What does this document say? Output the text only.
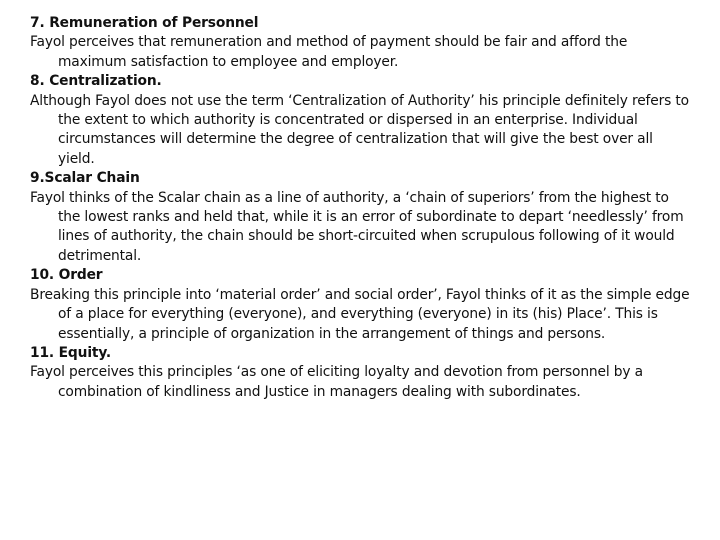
7. Remuneration of Personnel

Fayol perceives that remuneration and method of payment should be fair and afford the maximum satisfaction to employee and employer.

8. Centralization.

Although Fayol does not use the term ‘Centralization of Authority’ his principle definitely refers to the extent to which authority is concentrated or dispersed in an enterprise. Individual circumstances will determine the degree of centralization that will give the best over all yield.

9.Scalar Chain

Fayol thinks of the Scalar chain as a line of authority, a ‘chain of superiors’ from the highest to the lowest ranks and held that, while it is an error of subordinate to depart ‘needlessly’ from lines of authority, the chain should be short-circuited when scrupulous following of it would detrimental.

10. Order

Breaking this principle into ‘material order’ and social order’, Fayol thinks of it as the simple edge of a place for everything (everyone), and everything (everyone) in its (his) Place’. This is essentially, a principle of organization in the arrangement of things and persons.

11. Equity.

Fayol perceives this principles ‘as one of eliciting loyalty and devotion from personnel by a combination of kindliness and Justice in managers dealing with subordinates.
